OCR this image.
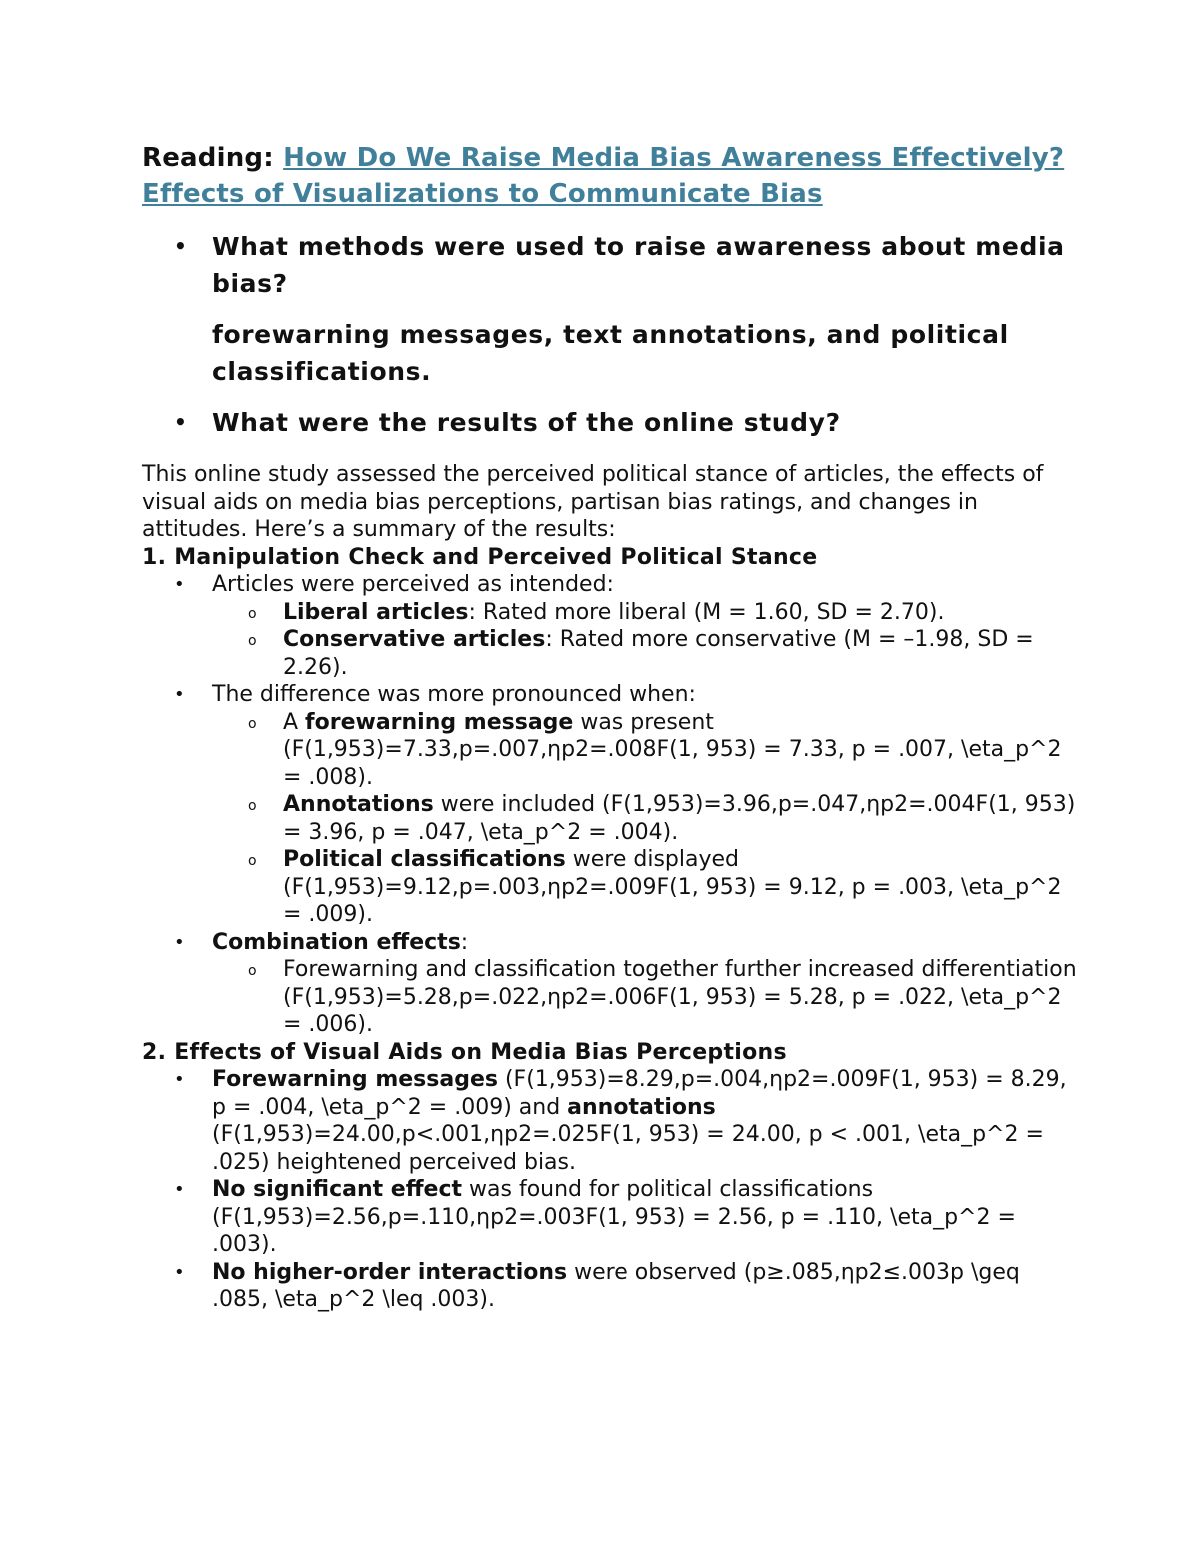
Reading: How Do We Raise Media Bias Awareness Effectively? Effects of Visualizations to Communicate Bias
• What methods were used to raise awareness about media bias?
forewarning messages, text annotations, and political classifications.
• What were the results of the online study?

This online study assessed the perceived political stance of articles, the effects of visual aids on media bias perceptions, partisan bias ratings, and changes in attitudes. Here’s a summary of the results:

1. Manipulation Check and Perceived Political Stance

• Articles were perceived as intended:
o Liberal articles: Rated more liberal (M = 1.60, SD = 2.70).
o Conservative articles: Rated more conservative (M = –1.98, SD = 2.26).
• The difference was more pronounced when:
o A forewarning message was present (F(1,953)=7.33,p=.007,ηp2=.008F(1, 953) = 7.33, p = .007, \eta_p^2 = .008).
o Annotations were included (F(1,953)=3.96,p=.047,ηp2=.004F(1, 953) = 3.96, p = .047, \eta_p^2 = .004).
o Political classifications were displayed (F(1,953)=9.12,p=.003,ηp2=.009F(1, 953) = 9.12, p = .003, \eta_p^2 = .009).
• Combination effects:
o Forewarning and classification together further increased differentiation (F(1,953)=5.28,p=.022,ηp2=.006F(1, 953) = 5.28, p = .022, \eta_p^2 = .006).

2. Effects of Visual Aids on Media Bias Perceptions

• Forewarning messages (F(1,953)=8.29,p=.004,ηp2=.009F(1, 953) = 8.29, p = .004, \eta_p^2 = .009) and annotations (F(1,953)=24.00,p<.001,ηp2=.025F(1, 953) = 24.00, p < .001, \eta_p^2 = .025) heightened perceived bias.
• No significant effect was found for political classifications (F(1,953)=2.56,p=.110,ηp2=.003F(1, 953) = 2.56, p = .110, \eta_p^2 = .003).
• No higher-order interactions were observed (p≥.085,ηp2≤.003p \geq .085, \eta_p^2 \leq .003).
